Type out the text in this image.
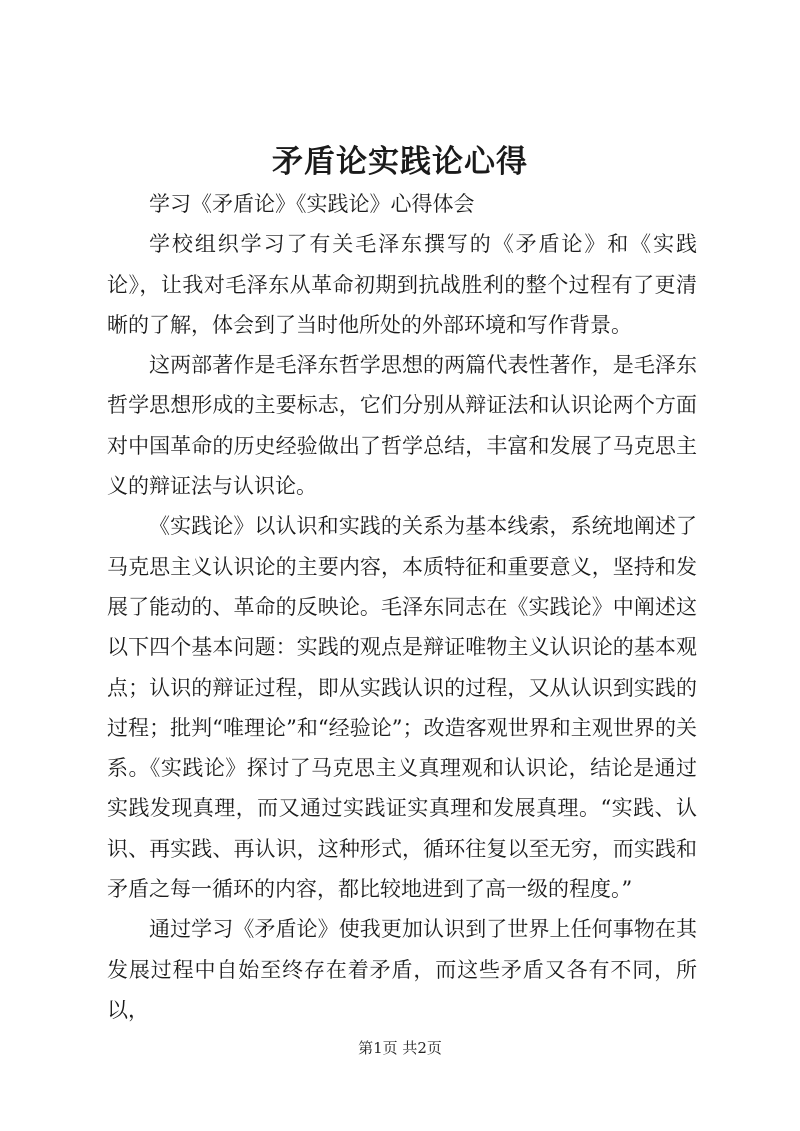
矛盾论实践论心得

学习《矛盾论》《实践论》心得体会

学校组织学习了有关毛泽东撰写的《矛盾论》和《实践论》，让我对毛泽东从革命初期到抗战胜利的整个过程有了更清晰的了解，体会到了当时他所处的外部环境和写作背景。

这两部著作是毛泽东哲学思想的两篇代表性著作，是毛泽东哲学思想形成的主要标志，它们分别从辩证法和认识论两个方面对中国革命的历史经验做出了哲学总结，丰富和发展了马克思主义的辩证法与认识论。

《实践论》以认识和实践的关系为基本线索，系统地阐述了马克思主义认识论的主要内容，本质特征和重要意义，坚持和发展了能动的、革命的反映论。毛泽东同志在《实践论》中阐述这以下四个基本问题：实践的观点是辩证唯物主义认识论的基本观点；认识的辩证过程，即从实践认识的过程，又从认识到实践的过程；批判“唯理论”和“经验论”；改造客观世界和主观世界的关系。《实践论》探讨了马克思主义真理观和认识论，结论是通过实践发现真理，而又通过实践证实真理和发展真理。“实践、认识、再实践、再认识，这种形式，循环往复以至无穷，而实践和矛盾之每一循环的内容，都比较地进到了高一级的程度。”

通过学习《矛盾论》使我更加认识到了世界上任何事物在其发展过程中自始至终存在着矛盾，而这些矛盾又各有不同，所以，

第1页 共2页
